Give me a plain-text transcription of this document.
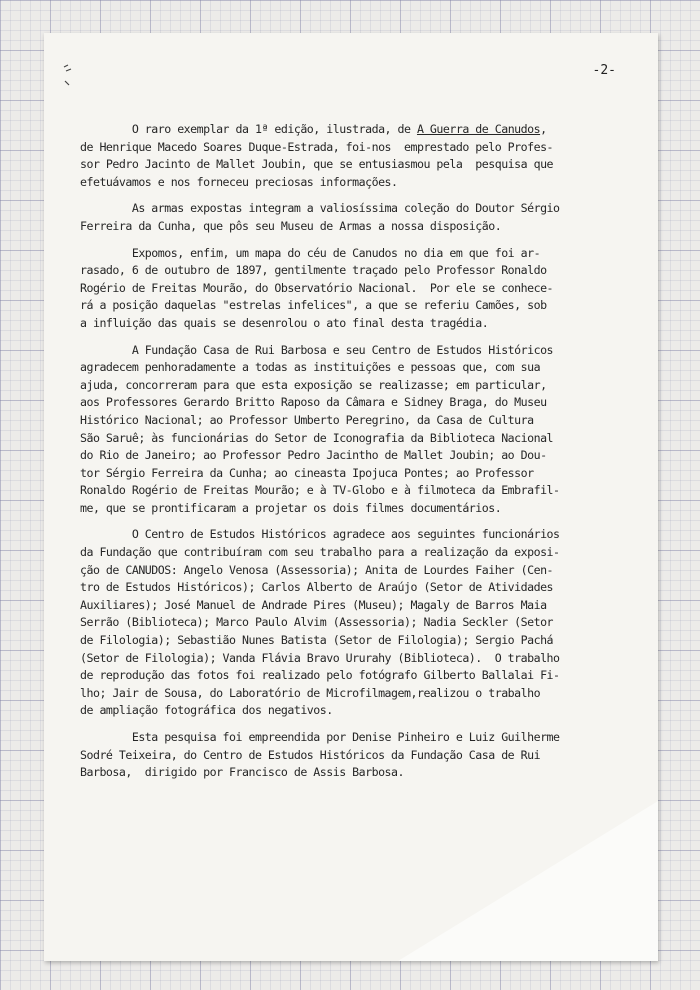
-2-
O raro exemplar da 1ª edição, ilustrada, de A Guerra de Canudos,
de Henrique Macedo Soares Duque-Estrada, foi-nos  emprestado pelo Profes-
sor Pedro Jacinto de Mallet Joubin, que se entusiasmou pela  pesquisa que
efetuávamos e nos forneceu preciosas informações.
As armas expostas integram a valiosíssima coleção do Doutor Sérgio
Ferreira da Cunha, que pôs seu Museu de Armas a nossa disposição.
Expomos, enfim, um mapa do céu de Canudos no dia em que foi ar-
rasado, 6 de outubro de 1897, gentilmente traçado pelo Professor Ronaldo
Rogério de Freitas Mourão, do Observatório Nacional.  Por ele se conhece-
rá a posição daquelas "estrelas infelices", a que se referiu Camões, sob
a influição das quais se desenrolou o ato final desta tragédia.
A Fundação Casa de Rui Barbosa e seu Centro de Estudos Históricos
agradecem penhoradamente a todas as instituições e pessoas que, com sua
ajuda, concorreram para que esta exposição se realizasse; em particular,
aos Professores Gerardo Britto Raposo da Câmara e Sidney Braga, do Museu
Histórico Nacional; ao Professor Umberto Peregrino, da Casa de Cultura
São Saruê; às funcionárias do Setor de Iconografia da Biblioteca Nacional
do Rio de Janeiro; ao Professor Pedro Jacintho de Mallet Joubin; ao Dou-
tor Sérgio Ferreira da Cunha; ao cineasta Ipojuca Pontes; ao Professor
Ronaldo Rogério de Freitas Mourão; e à TV-Globo e à filmoteca da Embrafil-
me, que se prontificaram a projetar os dois filmes documentários.
O Centro de Estudos Históricos agradece aos seguintes funcionários
da Fundação que contribuíram com seu trabalho para a realização da exposi-
ção de CANUDOS: Angelo Venosa (Assessoria); Anita de Lourdes Faiher (Cen-
tro de Estudos Históricos); Carlos Alberto de Araújo (Setor de Atividades
Auxiliares); José Manuel de Andrade Pires (Museu); Magaly de Barros Maia
Serrão (Biblioteca); Marco Paulo Alvim (Assessoria); Nadia Seckler (Setor
de Filologia); Sebastião Nunes Batista (Setor de Filologia); Sergio Pachá
(Setor de Filologia); Vanda Flávia Bravo Ururahy (Biblioteca).  O trabalho
de reprodução das fotos foi realizado pelo fotógrafo Gilberto Ballalai Fi-
lho; Jair de Sousa, do Laboratório de Microfilmagem,realizou o trabalho
de ampliação fotográfica dos negativos.
Esta pesquisa foi empreendida por Denise Pinheiro e Luiz Guilherme
Sodré Teixeira, do Centro de Estudos Históricos da Fundação Casa de Rui
Barbosa,  dirigido por Francisco de Assis Barbosa.
